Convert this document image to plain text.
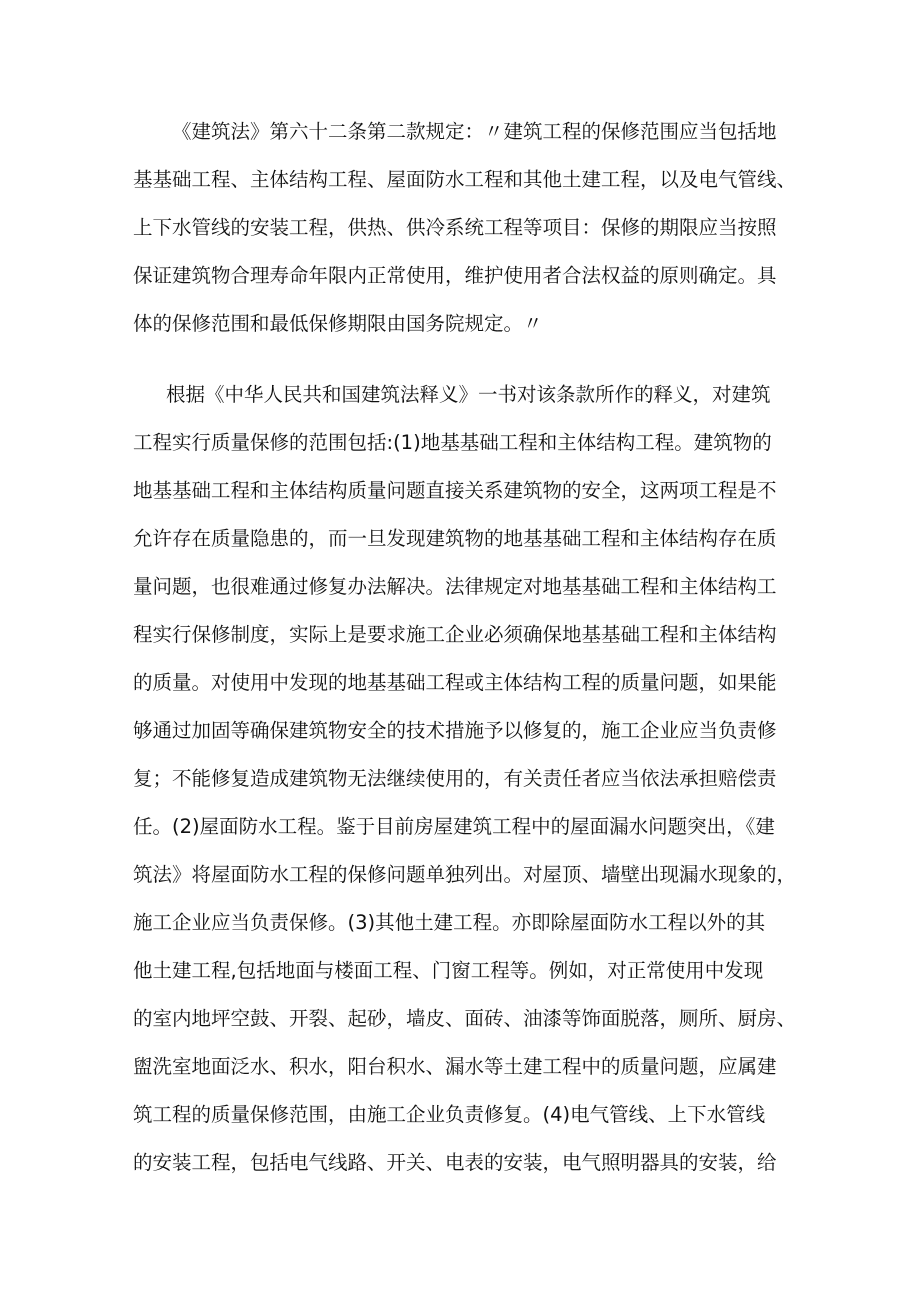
《建筑法》第六十二条第二款规定：〃建筑工程的保修范围应当包括地
基基础工程、主体结构工程、屋面防水工程和其他土建工程，以及电气管线、
上下水管线的安装工程，供热、供冷系统工程等项目：保修的期限应当按照
保证建筑物合理寿命年限内正常使用，维护使用者合法权益的原则确定。具
体的保修范围和最低保修期限由国务院规定。〃
根据《中华人民共和国建筑法释义》一书对该条款所作的释义，对建筑
工程实行质量保修的范围包括:(1)地基基础工程和主体结构工程。建筑物的
地基基础工程和主体结构质量问题直接关系建筑物的安全，这两项工程是不
允许存在质量隐患的，而一旦发现建筑物的地基基础工程和主体结构存在质
量问题，也很难通过修复办法解决。法律规定对地基基础工程和主体结构工
程实行保修制度，实际上是要求施工企业必须确保地基基础工程和主体结构
的质量。对使用中发现的地基基础工程或主体结构工程的质量问题，如果能
够通过加固等确保建筑物安全的技术措施予以修复的，施工企业应当负责修
复；不能修复造成建筑物无法继续使用的，有关责任者应当依法承担赔偿责
任。(2)屋面防水工程。鉴于目前房屋建筑工程中的屋面漏水问题突出，《建
筑法》将屋面防水工程的保修问题单独列出。对屋顶、墙壁出现漏水现象的，
施工企业应当负责保修。(3)其他土建工程。亦即除屋面防水工程以外的其
他土建工程,包括地面与楼面工程、门窗工程等。例如，对正常使用中发现
的室内地坪空鼓、开裂、起砂，墙皮、面砖、油漆等饰面脱落，厕所、厨房、
盥洗室地面泛水、积水，阳台积水、漏水等土建工程中的质量问题，应属建
筑工程的质量保修范围，由施工企业负责修复。(4)电气管线、上下水管线
的安装工程，包括电气线路、开关、电表的安装，电气照明器具的安装，给
